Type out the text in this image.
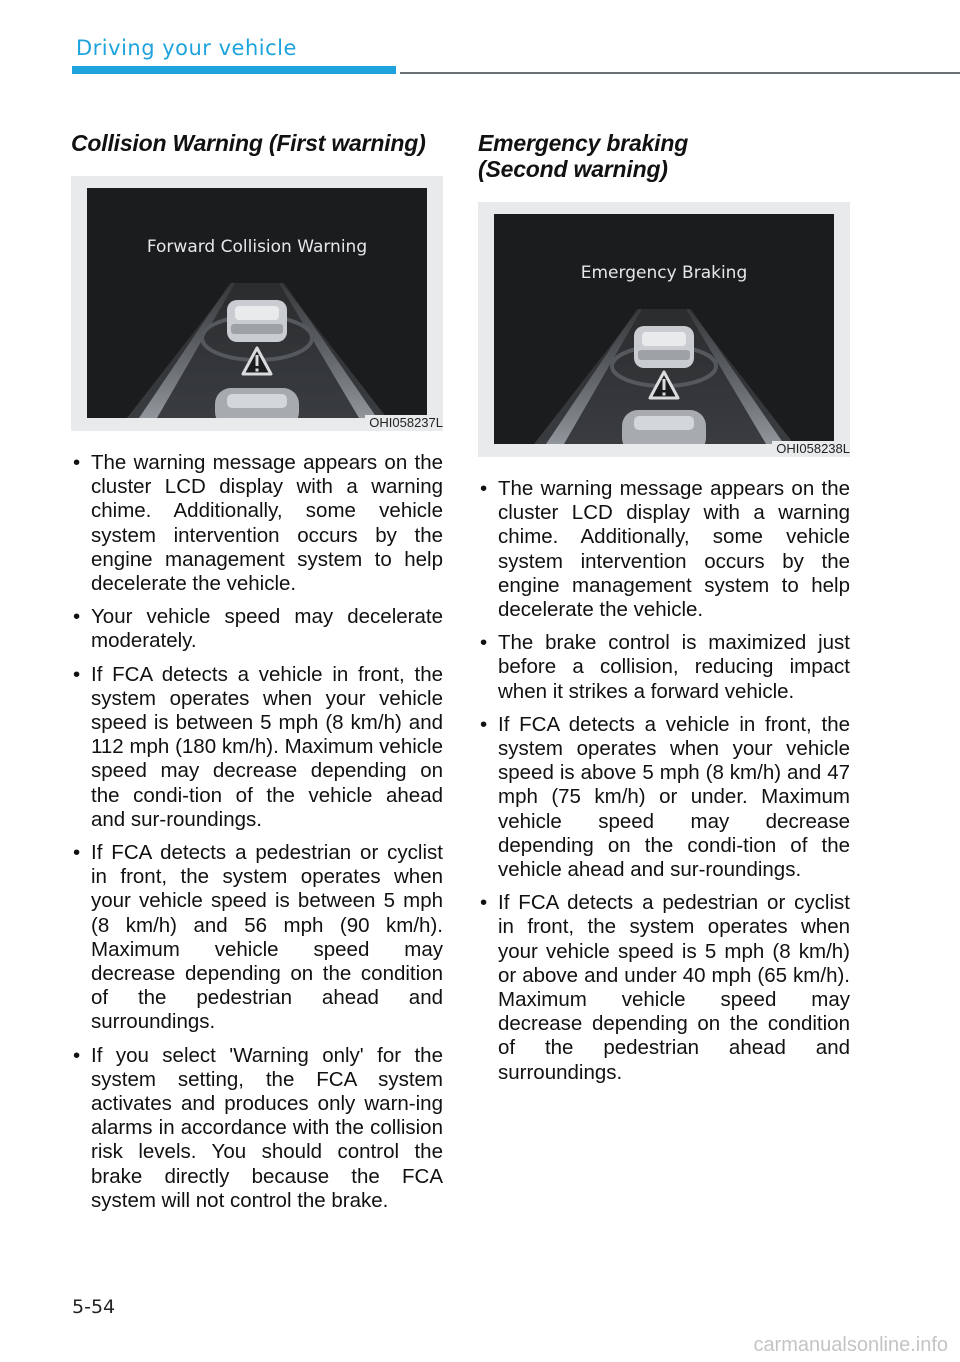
Driving your vehicle
Collision Warning (First warning)
Forward Collision Warning
OHI058237L
• The warning message appears on the cluster LCD display with a warning chime. Additionally, some vehicle system intervention occurs by the engine management system to help decelerate the vehicle.
• Your vehicle speed may decelerate moderately.
• If FCA detects a vehicle in front, the system operates when your vehicle speed is between 5 mph (8 km/h) and 112 mph (180 km/h). Maximum vehicle speed may decrease depending on the condi-tion of the vehicle ahead and sur-roundings.
• If FCA detects a pedestrian or cyclist in front, the system operates when your vehicle speed is between 5 mph (8 km/h) and 56 mph (90 km/h). Maximum vehicle speed may decrease depending on the condition of the pedestrian ahead and surroundings.
• If you select 'Warning only' for the system setting, the FCA system activates and produces only warn-ing alarms in accordance with the collision risk levels. You should control the brake directly because the FCA system will not control the brake.
Emergency braking
(Second warning)
Emergency Braking
OHI058238L
• The warning message appears on the cluster LCD display with a warning chime. Additionally, some vehicle system intervention occurs by the engine management system to help decelerate the vehicle.
• The brake control is maximized just before a collision, reducing impact when it strikes a forward vehicle.
• If FCA detects a vehicle in front, the system operates when your vehicle speed is above 5 mph (8 km/h) and 47 mph (75 km/h) or under. Maximum vehicle speed may decrease depending on the condi-tion of the vehicle ahead and sur-roundings.
• If FCA detects a pedestrian or cyclist in front, the system operates when your vehicle speed is 5 mph (8 km/h) or above and under 40 mph (65 km/h). Maximum vehicle speed may decrease depending on the condition of the pedestrian ahead and surroundings.
5-54
carmanualsonline.info
